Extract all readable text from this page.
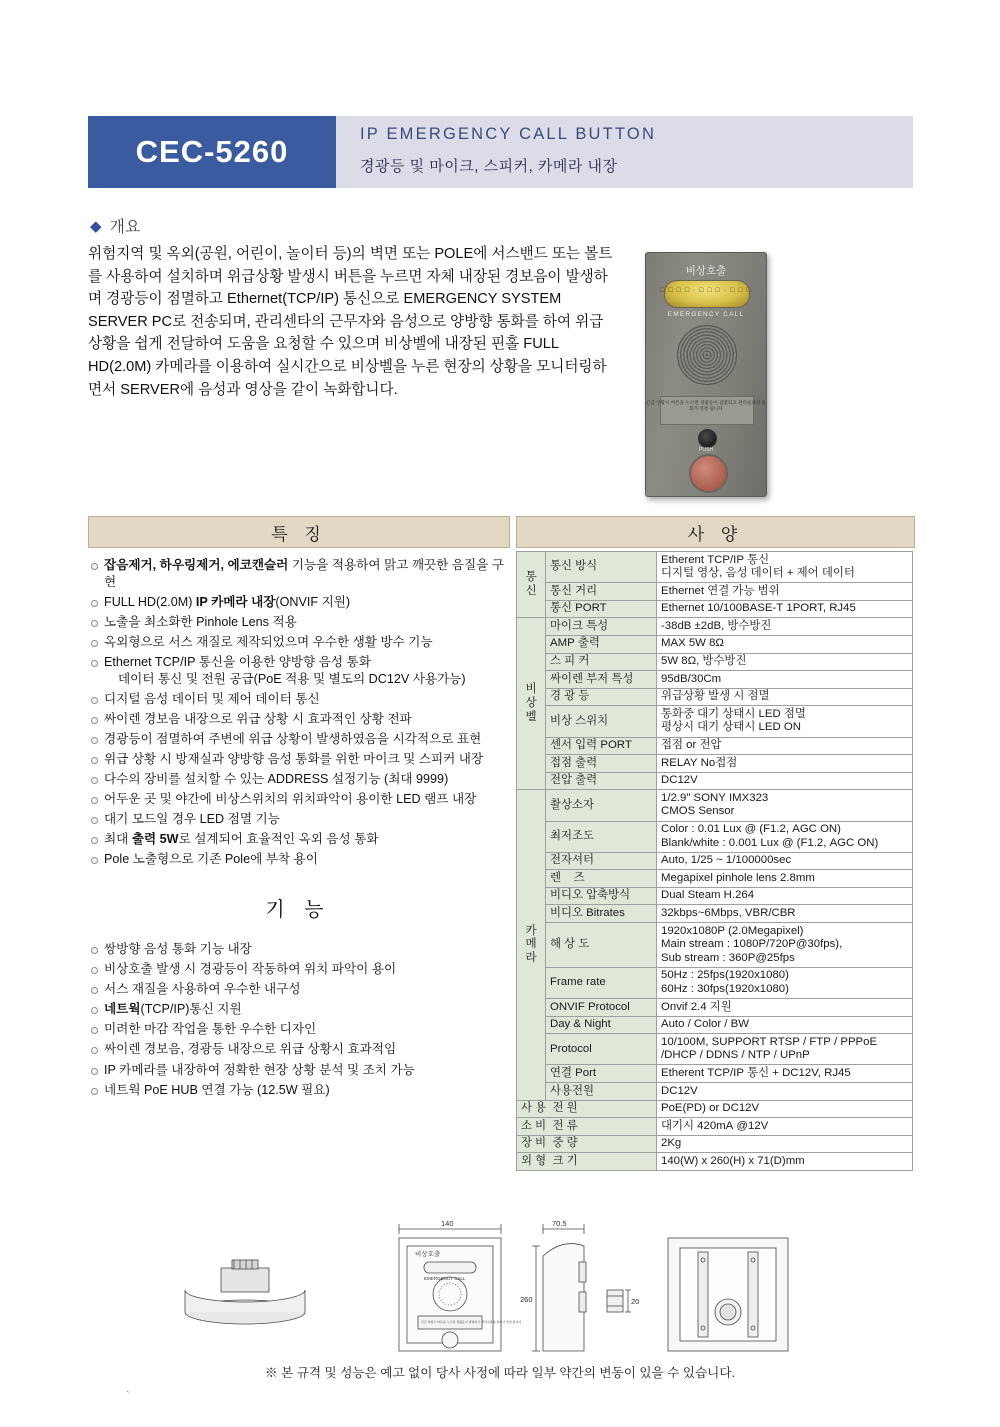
CEC-5260	IP EMERGENCY CALL BUTTON
경광등 및 마이크, 스피커, 카메라 내장
◆ 개요
위험지역 및 옥외(공원, 어린이, 놀이터 등)의 벽면 또는 POLE에 서스밴드 또는 볼트를 사용하여 설치하며 위급상황 발생시 버튼을 누르면 자체 내장된 경보음이 발생하며 경광등이 점멸하고 Ethernet(TCP/IP) 통신으로 EMERGENCY SYSTEM SERVER PC로 전송되며, 관리센타의 근무자와 음성으로 양방향 통화를 하여 위급 상황을 쉽게 전달하여 도움을 요청할 수 있으며 비상벨에 내장된 핀홀 FULL HD(2.0M) 카메라를 이용하여 실시간으로 비상벨을 누른 현장의 상황을 모니터링하면서 SERVER에 음성과 영상을 같이 녹화합니다.
비상호출
□ □ □ □ · □ □ □ · □ □ □
EMERGENCY CALL
긴급 상황시 버튼을 누르면 경광등이 점멸되고 관리실과의 통화가 연결 됩니다
PUSH
특 징	사 양
기 능
잡음제거, 하우링제거, 에코캔슬러 기능을 적용하여 맑고 깨끗한 음질을 구현
FULL HD(2.0M) IP 카메라 내장(ONVIF 지원)
노출을 최소화한 Pinhole Lens 적용
옥외형으로 서스 재질로 제작되었으며 우수한 생활 방수 기능
Ethernet TCP/IP 통신을 이용한 양방향 음성 통화
데이터 통신 및 전원 공급(PoE 적용 및 별도의 DC12V 사용가능)
디지털 음성 데이터 및 제어 데이터 통신
싸이렌 경보음 내장으로 위급 상황 시 효과적인 상황 전파
경광등이 점멸하여 주변에 위급 상황이 발생하였음을 시각적으로 표현
위급 상황 시 방재실과 양방향 음성 통화를 위한 마이크 및 스피커 내장
다수의 장비를 설치할 수 있는 ADDRESS 설정기능 (최대 9999)
어두운 곳 및 야간에 비상스위치의 위치파악이 용이한 LED 램프 내장
대기 모드일 경우 LED 점멸 기능
최대 출력 5W로 설계되어 효율적인 옥외 음성 통화
Pole 노출형으로 기존 Pole에 부착 용이
쌍방향 음성 통화 기능 내장
비상호출 발생 시 경광등이 작동하여 위치 파악이 용이
서스 재질을 사용하여 우수한 내구성
네트웍(TCP/IP)통신 지원
미려한 마감 작업을 통한 우수한 디자인
싸이렌 경보음, 경광등 내장으로 위급 상황시 효과적임
IP 카메라를 내장하여 정확한 현장 상황 분석 및 조치 가능
네트웍 PoE HUB 연결 가능 (12.5W 필요)
통
신	통신 방식	Etherent TCP/IP 통신
디지털 영상, 음성 데이터 + 제어 데이터
	통신 거리	Ethernet 연결 가능 범위
	통신 PORT	Ethernet 10/100BASE-T 1PORT, RJ45
비
상
벨	마이크 특성	-38dB ±2dB, 방수방진
	AMP 출력	MAX 5W 8Ω
	스 피 커	5W 8Ω, 방수방진
	싸이렌 부저 특성	95dB/30Cm
	경 광 등	위급상황 발생 시 점멸
	비상 스위치	통화중 대기 상태시 LED 점멸
평상시 대기 상태시 LED ON
	센서 입력 PORT	접점 or 전압
	접점 출력	RELAY No접점
	전압 출력	DC12V
카
메
라	촬상소자	1/2.9" SONY IMX323
CMOS Sensor
	최저조도	Color : 0.01 Lux @ (F1.2, AGC ON)
Blank/white : 0.001 Lux @ (F1.2, AGC ON)
	전자셔터	Auto, 1/25 ~ 1/100000sec
	렌    즈	Megapixel pinhole lens 2.8mm
	비디오 압축방식	Dual Steam H.264
	비디오 Bitrates	32kbps~6Mbps, VBR/CBR
	해 상 도	1920x1080P (2.0Megapixel)
Main stream : 1080P/720P@30fps),
Sub stream : 360P@25fps
	Frame rate	50Hz : 25fps(1920x1080)
60Hz : 30fps(1920x1080)
	ONVIF Protocol	Onvif 2.4 지원
	Day & Night	Auto / Color / BW
	Protocol	10/100M, SUPPORT RTSP / FTP / PPPoE
/DHCP / DDNS / NTP / UPnP
	연결 Port	Etherent TCP/IP 통신 + DC12V, RJ45
	사용전원	DC12V
사 용  전 원		PoE(PD) or DC12V
소 비  전 류		대기시 420mA @12V
장 비  중 량		2Kg
외 형  크 기		140(W) x 260(H) x 71(D)mm
140
비상호출
EMERGENCY CALL
긴급 상황시 버튼을 누르면 경광등이 점멸되고 관리실과의 통화가 연결 됩니다
70.5
260	20
※ 본 규격 및 성능은 예고 없이 당사 사정에 따라 일부 약간의 변동이 있을 수 있습니다.
`
